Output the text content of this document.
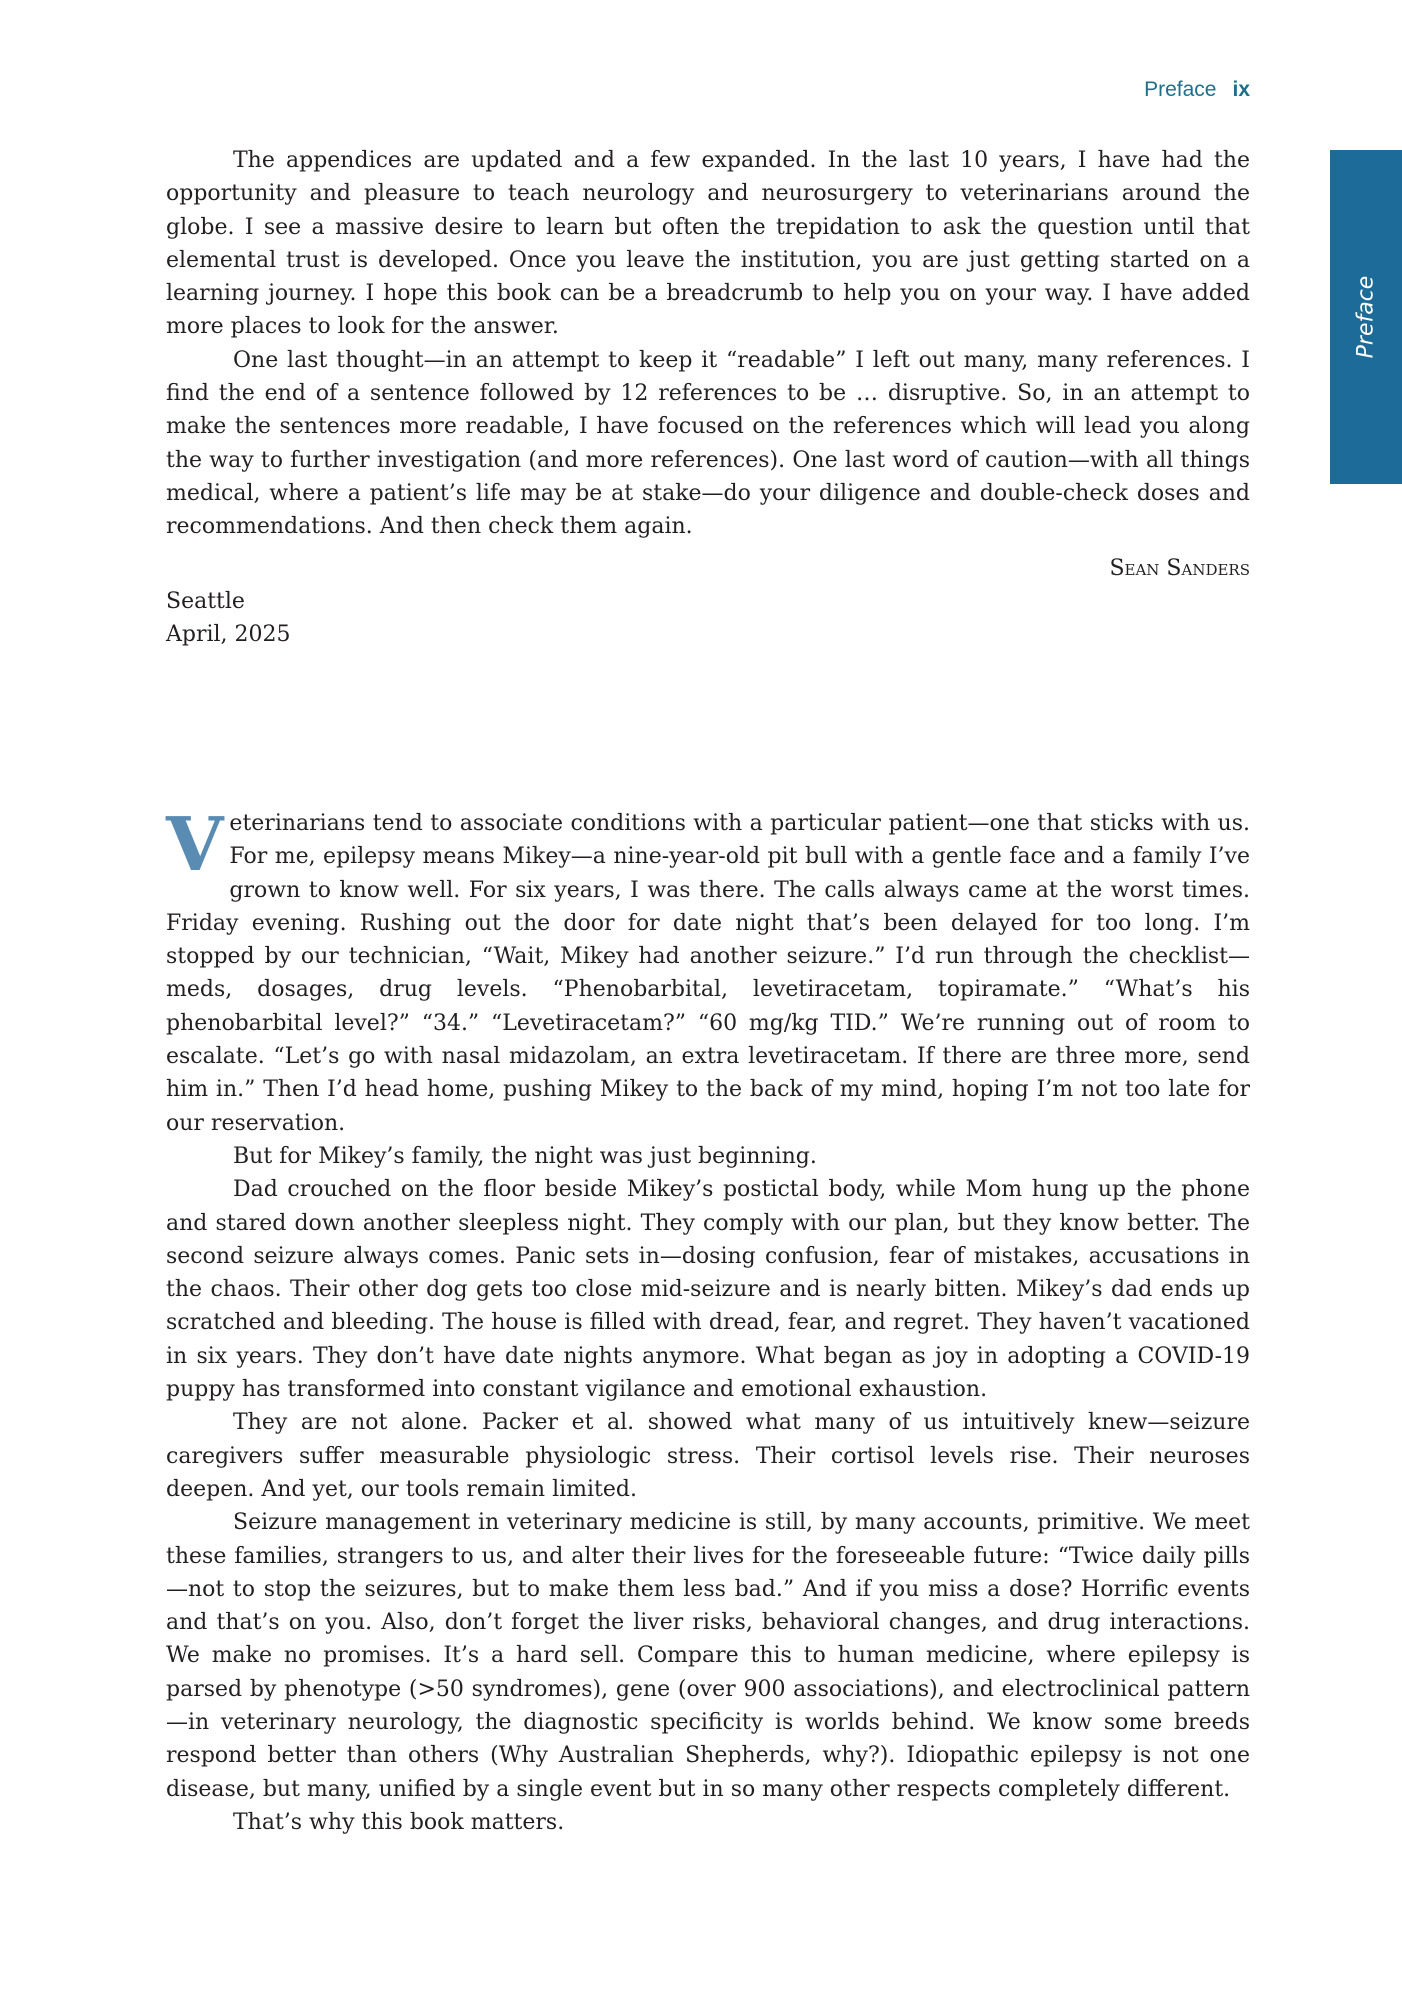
Preface ix
Preface

The appendices are updated and a few expanded. In the last 10 years, I have had the opportunity and pleasure to teach neurology and neurosurgery to veterinarians around the globe. I see a massive desire to learn but often the trepidation to ask the question until that elemental trust is developed. Once you leave the institution, you are just getting started on a learning journey. I hope this book can be a breadcrumb to help you on your way. I have added more places to look for the answer.

One last thought—in an attempt to keep it “readable” I left out many, many references. I find the end of a sentence followed by 12 references to be … disruptive. So, in an attempt to make the sentences more readable, I have focused on the references which will lead you along the way to further investigation (and more references). One last word of caution—with all things medical, where a patient’s life may be at stake—do your diligence and double-check doses and recommendations. And then check them again.

Sean Sanders

Seattle

April, 2025

Veterinarians tend to associate conditions with a particular patient—one that sticks with us. For me, epilepsy means Mikey—a nine-year-old pit bull with a gentle face and a family I’ve grown to know well. For six years, I was there. The calls always came at the worst times. Friday evening. Rushing out the door for date night that’s been delayed for too long. I’m stopped by our technician, “Wait, Mikey had another seizure.” I’d run through the checklist—meds, dosages, drug levels. “Phenobarbital, levetiracetam, topiramate.” “What’s his phenobarbital level?” “34.” “Levetiracetam?” “60 mg/kg TID.” We’re running out of room to escalate. “Let’s go with nasal midazolam, an extra levetiracetam. If there are three more, send him in.” Then I’d head home, pushing Mikey to the back of my mind, hoping I’m not too late for our reservation.

But for Mikey’s family, the night was just beginning.

Dad crouched on the floor beside Mikey’s postictal body, while Mom hung up the phone and stared down another sleepless night. They comply with our plan, but they know better. The second seizure always comes. Panic sets in—dosing confusion, fear of mistakes, accusations in the chaos. Their other dog gets too close mid-seizure and is nearly bitten. Mikey’s dad ends up scratched and bleeding. The house is filled with dread, fear, and regret. They haven’t vacationed in six years. They don’t have date nights anymore. What began as joy in adopting a COVID-19 puppy has transformed into constant vigilance and emotional exhaustion.

They are not alone. Packer et al. showed what many of us intuitively knew—seizure caregivers suffer measurable physiologic stress. Their cortisol levels rise. Their neuroses deepen. And yet, our tools remain limited.

Seizure management in veterinary medicine is still, by many accounts, primitive. We meet these families, strangers to us, and alter their lives for the foreseeable future: “Twice daily pills—not to stop the seizures, but to make them less bad.” And if you miss a dose? Horrific events and that’s on you. Also, don’t forget the liver risks, behavioral changes, and drug interactions. We make no promises. It’s a hard sell. Compare this to human medicine, where epilepsy is parsed by phenotype (>50 syndromes), gene (over 900 associations), and electroclinical pattern—in veterinary neurology, the diagnostic specificity is worlds behind. We know some breeds respond better than others (Why Australian Shepherds, why?). Idiopathic epilepsy is not one disease, but many, unified by a single event but in so many other respects completely different.

That’s why this book matters.
